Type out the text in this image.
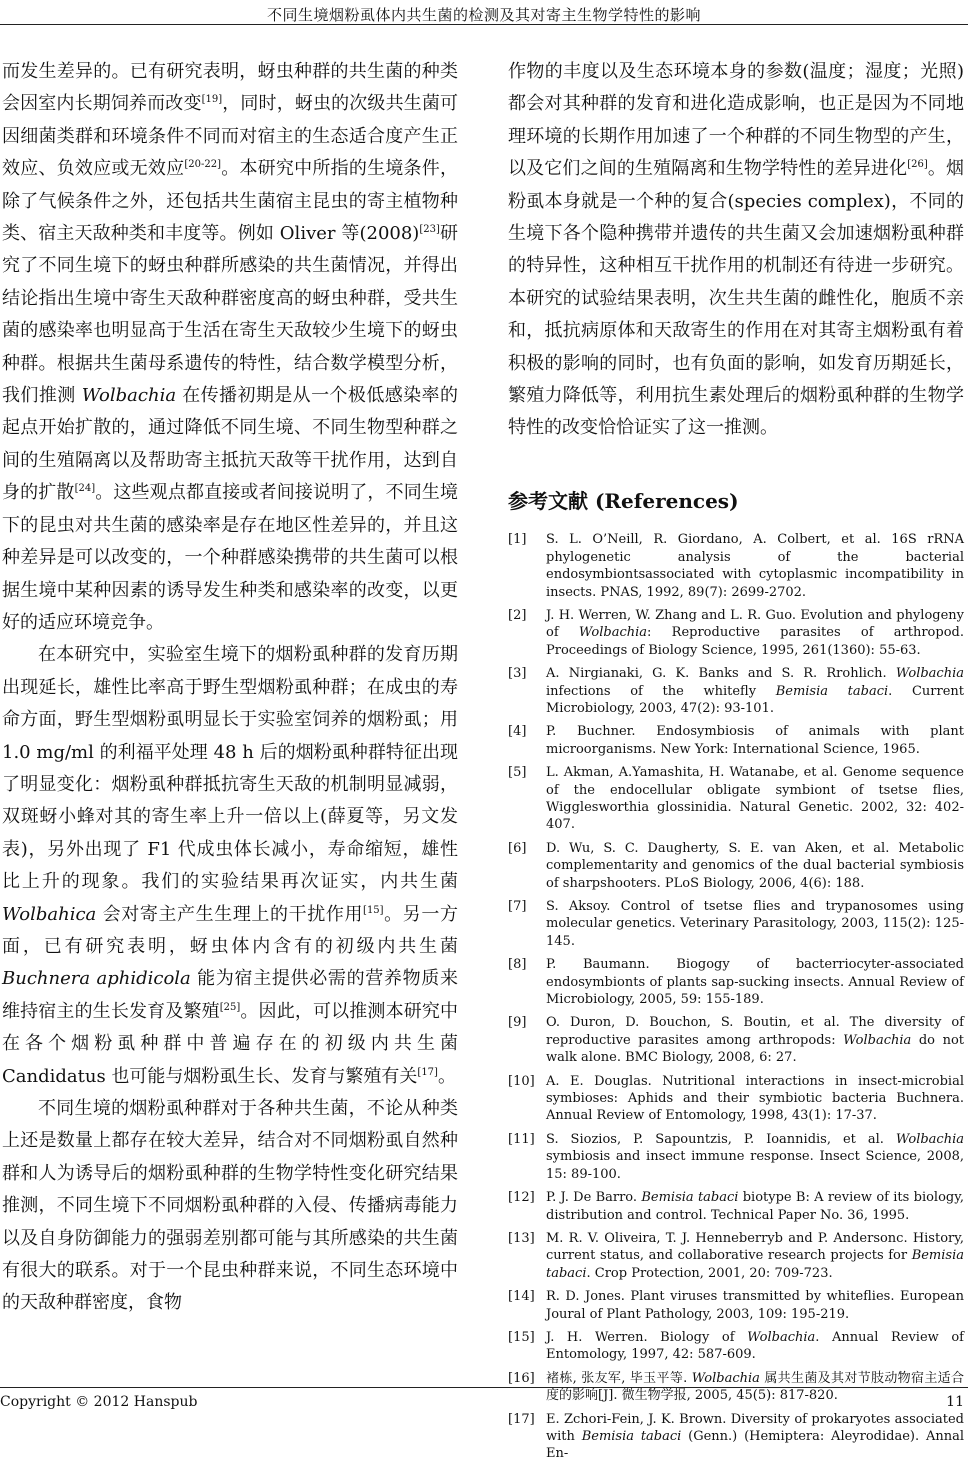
不同生境烟粉虱体内共生菌的检测及其对寄主生物学特性的影响

而发生差异的。已有研究表明，蚜虫种群的共生菌的种类会因室内长期饲养而改变[19]，同时，蚜虫的次级共生菌可因细菌类群和环境条件不同而对宿主的生态适合度产生正效应、负效应或无效应[20-22]。本研究中所指的生境条件，除了气候条件之外，还包括共生菌宿主昆虫的寄主植物种类、宿主天敌种类和丰度等。例如 Oliver 等(2008)[23]研究了不同生境下的蚜虫种群所感染的共生菌情况，并得出结论指出生境中寄生天敌种群密度高的蚜虫种群，受共生菌的感染率也明显高于生活在寄生天敌较少生境下的蚜虫种群。根据共生菌母系遗传的特性，结合数学模型分析，我们推测 Wolbachia 在传播初期是从一个极低感染率的起点开始扩散的，通过降低不同生境、不同生物型种群之间的生殖隔离以及帮助寄主抵抗天敌等干扰作用，达到自身的扩散[24]。这些观点都直接或者间接说明了，不同生境下的昆虫对共生菌的感染率是存在地区性差异的，并且这种差异是可以改变的，一个种群感染携带的共生菌可以根据生境中某种因素的诱导发生种类和感染率的改变，以更好的适应环境竞争。

在本研究中，实验室生境下的烟粉虱种群的发育历期出现延长，雄性比率高于野生型烟粉虱种群；在成虫的寿命方面，野生型烟粉虱明显长于实验室饲养的烟粉虱；用 1.0 mg/ml 的利福平处理 48 h 后的烟粉虱种群特征出现了明显变化：烟粉虱种群抵抗寄生天敌的机制明显减弱，双斑蚜小蜂对其的寄生率上升一倍以上(薛夏等，另文发表)，另外出现了 F1 代成虫体长减小，寿命缩短，雄性比上升的现象。我们的实验结果再次证实，内共生菌 Wolbahica 会对寄主产生生理上的干扰作用[15]。另一方面，已有研究表明，蚜虫体内含有的初级内共生菌 Buchnera aphidicola 能为宿主提供必需的营养物质来维持宿主的生长发育及繁殖[25]。因此，可以推测本研究中在各个烟粉虱种群中普遍存在的初级内共生菌 Candidatus 也可能与烟粉虱生长、发育与繁殖有关[17]。

不同生境的烟粉虱种群对于各种共生菌，不论从种类上还是数量上都存在较大差异，结合对不同烟粉虱自然种群和人为诱导后的烟粉虱种群的生物学特性变化研究结果推测，不同生境下不同烟粉虱种群的入侵、传播病毒能力以及自身防御能力的强弱差别都可能与其所感染的共生菌有很大的联系。对于一个昆虫种群来说，不同生态环境中的天敌种群密度，食物

作物的丰度以及生态环境本身的参数(温度；湿度；光照)都会对其种群的发育和进化造成影响，也正是因为不同地理环境的长期作用加速了一个种群的不同生物型的产生，以及它们之间的生殖隔离和生物学特性的差异进化[26]。烟粉虱本身就是一个种的复合(species complex)，不同的生境下各个隐种携带并遗传的共生菌又会加速烟粉虱种群的特异性，这种相互干扰作用的机制还有待进一步研究。本研究的试验结果表明，次生共生菌的雌性化，胞质不亲和，抵抗病原体和天敌寄生的作用在对其寄主烟粉虱有着积极的影响的同时，也有负面的影响，如发育历期延长，繁殖力降低等，利用抗生素处理后的烟粉虱种群的生物学特性的改变恰恰证实了这一推测。

参考文献 (References)
[1]	S. L. O’Neill, R. Giordano, A. Colbert, et al. 16S rRNA phylogenetic analysis of the bacterial endosymbiontsassociated with cytoplasmic incompatibility in insects. PNAS, 1992, 89(7): 2699-2702.
[2]	J. H. Werren, W. Zhang and L. R. Guo. Evolution and phylogeny of Wolbachia: Reproductive parasites of arthropod. Proceedings of Biology Science, 1995, 261(1360): 55-63.
[3]	A. Nirgianaki, G. K. Banks and S. R. Rrohlich. Wolbachia infections of the whitefly Bemisia tabaci. Current Microbiology, 2003, 47(2): 93-101.
[4]	P. Buchner. Endosymbiosis of animals with plant microorganisms. New York: International Science, 1965.
[5]	L. Akman, A.Yamashita, H. Watanabe, et al. Genome sequence of the endocellular obligate symbiont of tsetse flies, Wigglesworthia glossinidia. Natural Genetic. 2002, 32: 402-407.
[6]	D. Wu, S. C. Daugherty, S. E. van Aken, et al. Metabolic complementarity and genomics of the dual bacterial symbiosis of sharpshooters. PLoS Biology, 2006, 4(6): 188.
[7]	S. Aksoy. Control of tsetse flies and trypanosomes using molecular genetics. Veterinary Parasitology, 2003, 115(2): 125-145.
[8]	P. Baumann. Biogogy of bacterriocyter-associated endosymbionts of plants sap-sucking insects. Annual Review of Microbiology, 2005, 59: 155-189.
[9]	O. Duron, D. Bouchon, S. Boutin, et al. The diversity of reproductive parasites among arthropods: Wolbachia do not walk alone. BMC Biology, 2008, 6: 27.
[10] A. E. Douglas. Nutritional interactions in insect-microbial symbioses: Aphids and their symbiotic bacteria Buchnera. Annual Review of Entomology, 1998, 43(1): 17-37.
[11] S. Siozios, P. Sapountzis, P. Ioannidis, et al. Wolbachia symbiosis and insect immune response. Insect Science, 2008, 15: 89-100.
[12] P. J. De Barro. Bemisia tabaci biotype B: A review of its biology, distribution and control. Technical Paper No. 36, 1995.
[13] M. R. V. Oliveira, T. J. Henneberryb and P. Andersonc. History, current status, and collaborative research projects for Bemisia tabaci. Crop Protection, 2001, 20: 709-723.
[14] R. D. Jones. Plant viruses transmitted by whiteflies. European Joural of Plant Pathology, 2003, 109: 195-219.
[15] J. H. Werren. Biology of Wolbachia. Annual Review of Entomology, 1997, 42: 587-609.
[16] 褚栋, 张友军, 毕玉平等. Wolbachia 属共生菌及其对节肢动物宿主适合度的影响[J]. 微生物学报, 2005, 45(5): 817-820.
[17] E. Zchori-Fein, J. K. Brown. Diversity of prokaryotes associated with Bemisia tabaci (Genn.) (Hemiptera: Aleyrodidae). Annal En-
Copyright © 2012 Hanspub	11
